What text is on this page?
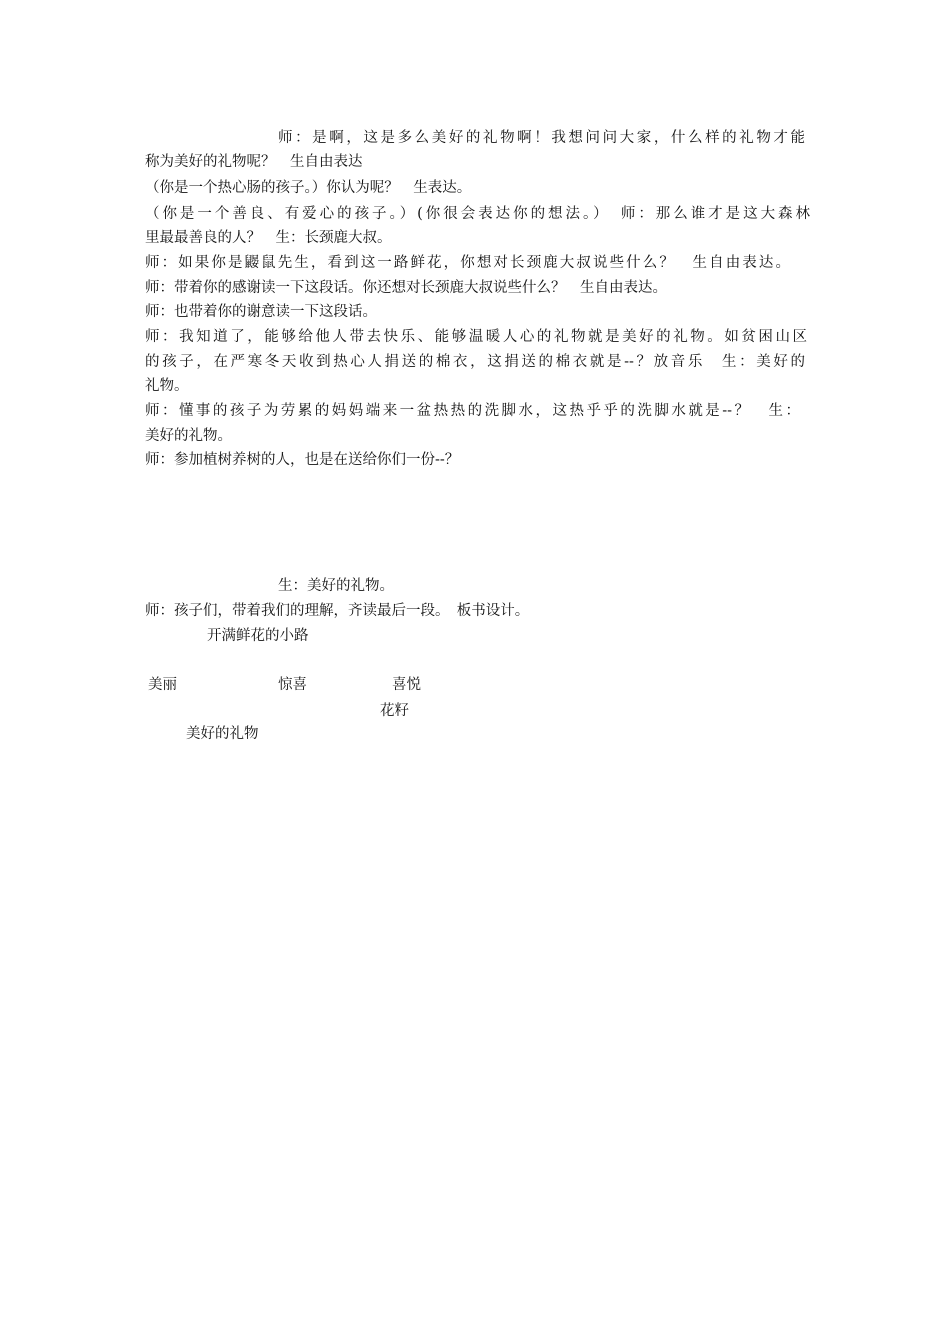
师：是啊，这是多么美好的礼物啊！我想问问大家，什么样的礼物才能
称为美好的礼物呢？　生自由表达
（你是一个热心肠的孩子。）你认为呢？　生表达。
（你是一个善良、有爱心的孩子。）(你很会表达你的想法。）　师：那么谁才是这大森林
里最最善良的人？　生：长颈鹿大叔。
师：如果你是鼹鼠先生，看到这一路鲜花，你想对长颈鹿大叔说些什么？　生自由表达。
师：带着你的感谢读一下这段话。你还想对长颈鹿大叔说些什么？　生自由表达。
师：也带着你的谢意读一下这段话。
师：我知道了，能够给他人带去快乐、能够温暖人心的礼物就是美好的礼物。如贫困山区
的孩子，在严寒冬天收到热心人捐送的棉衣，这捐送的棉衣就是--？放音乐　生：美好的
礼物。
师：懂事的孩子为劳累的妈妈端来一盆热热的洗脚水，这热乎乎的洗脚水就是--？　生：
美好的礼物。
师：参加植树养树的人，也是在送给你们一份--？
生：美好的礼物。
师：孩子们，带着我们的理解，齐读最后一段。　板书设计。
开满鲜花的小路
美丽	惊喜	喜悦
花籽
美好的礼物
